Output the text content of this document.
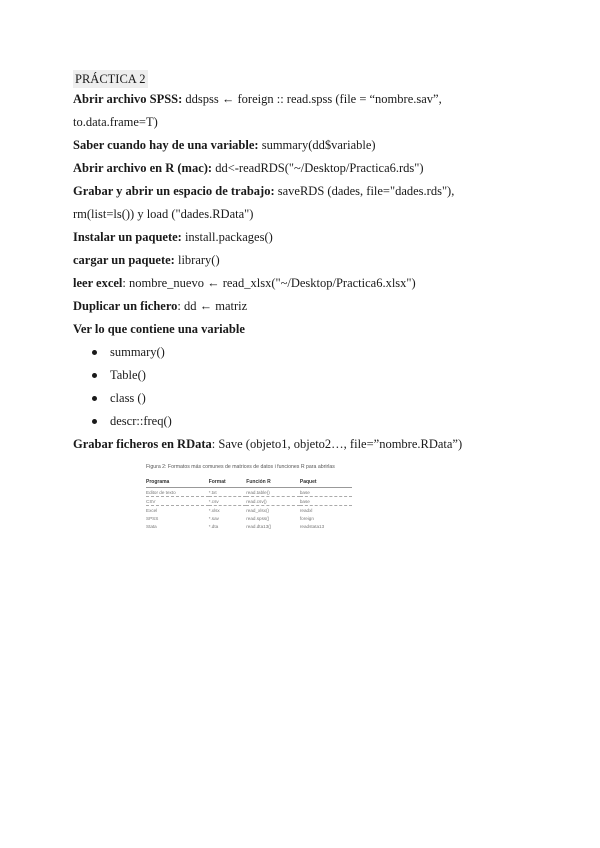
PRÁCTICA 2

Abrir archivo SPSS: ddspss ← foreign :: read.spss (file = “nombre.sav”,

to.data.frame=T)

Saber cuando hay de una variable: summary(dd$variable)

Abrir archivo en R (mac): dd<-readRDS("~/Desktop/Practica6.rds")

Grabar y abrir un espacio de trabajo: saveRDS (dades, file="dades.rds"),

rm(list=ls()) y load ("dades.RData")

Instalar un paquete: install.packages()

cargar un paquete: library()

leer excel: nombre_nuevo ← read_xlsx("~/Desktop/Practica6.xlsx")

Duplicar un fichero: dd ← matriz

Ver lo que contiene una variable

summary()
Table()
class ()
descr::freq()

Grabar ficheros en RData: Save (objeto1, objeto2…, file=”nombre.RData”)

Figura 2: Formatos más comunes de matrices de datos i funciones R para abrirlas
Programa	Format	Función R	Paquet
Editor de texto	*.txt	read.table()	base
CSV	*.csv	read.csv()	base
Excel	*.xlsx	read_xlsx()	readxl
SPSS	*.sav	read.spss()	foreign
Stata	*.dta	read.dta13()	readstata13
